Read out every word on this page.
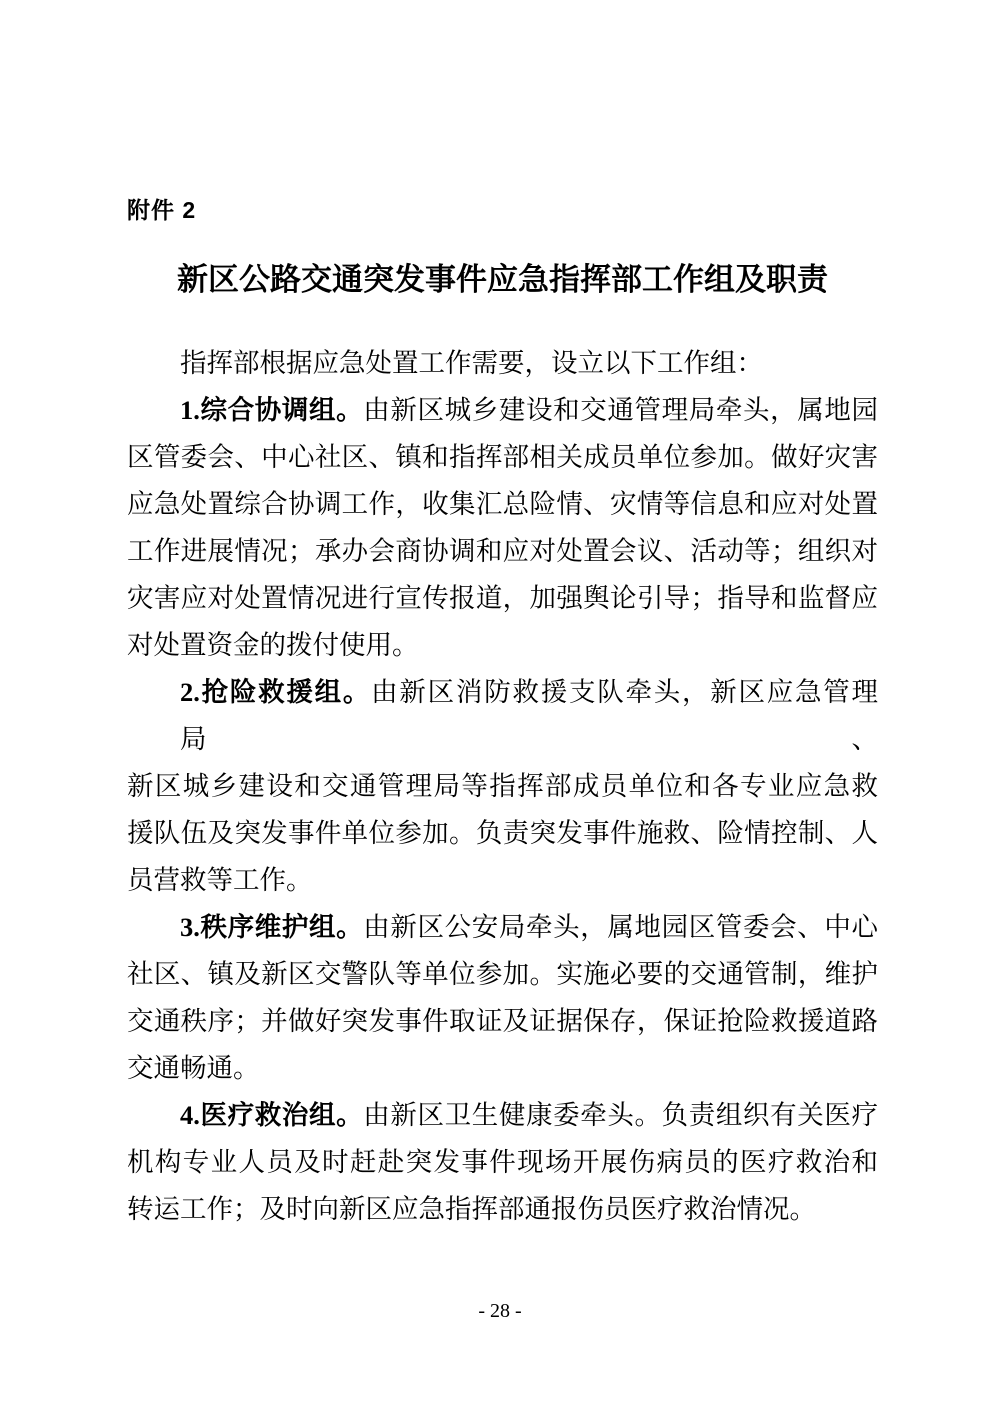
附件 2

新区公路交通突发事件应急指挥部工作组及职责

指挥部根据应急处置工作需要，设立以下工作组：

1.综合协调组。由新区城乡建设和交通管理局牵头，属地园

区管委会、中心社区、镇和指挥部相关成员单位参加。做好灾害

应急处置综合协调工作，收集汇总险情、灾情等信息和应对处置

工作进展情况；承办会商协调和应对处置会议、活动等；组织对

灾害应对处置情况进行宣传报道，加强舆论引导；指导和监督应

对处置资金的拨付使用。

2.抢险救援组。由新区消防救援支队牵头，新区应急管理局、

新区城乡建设和交通管理局等指挥部成员单位和各专业应急救

援队伍及突发事件单位参加。负责突发事件施救、险情控制、人

员营救等工作。

3.秩序维护组。由新区公安局牵头，属地园区管委会、中心

社区、镇及新区交警队等单位参加。实施必要的交通管制，维护

交通秩序；并做好突发事件取证及证据保存，保证抢险救援道路

交通畅通。

4.医疗救治组。由新区卫生健康委牵头。负责组织有关医疗

机构专业人员及时赶赴突发事件现场开展伤病员的医疗救治和

转运工作；及时向新区应急指挥部通报伤员医疗救治情况。

- 28 -
